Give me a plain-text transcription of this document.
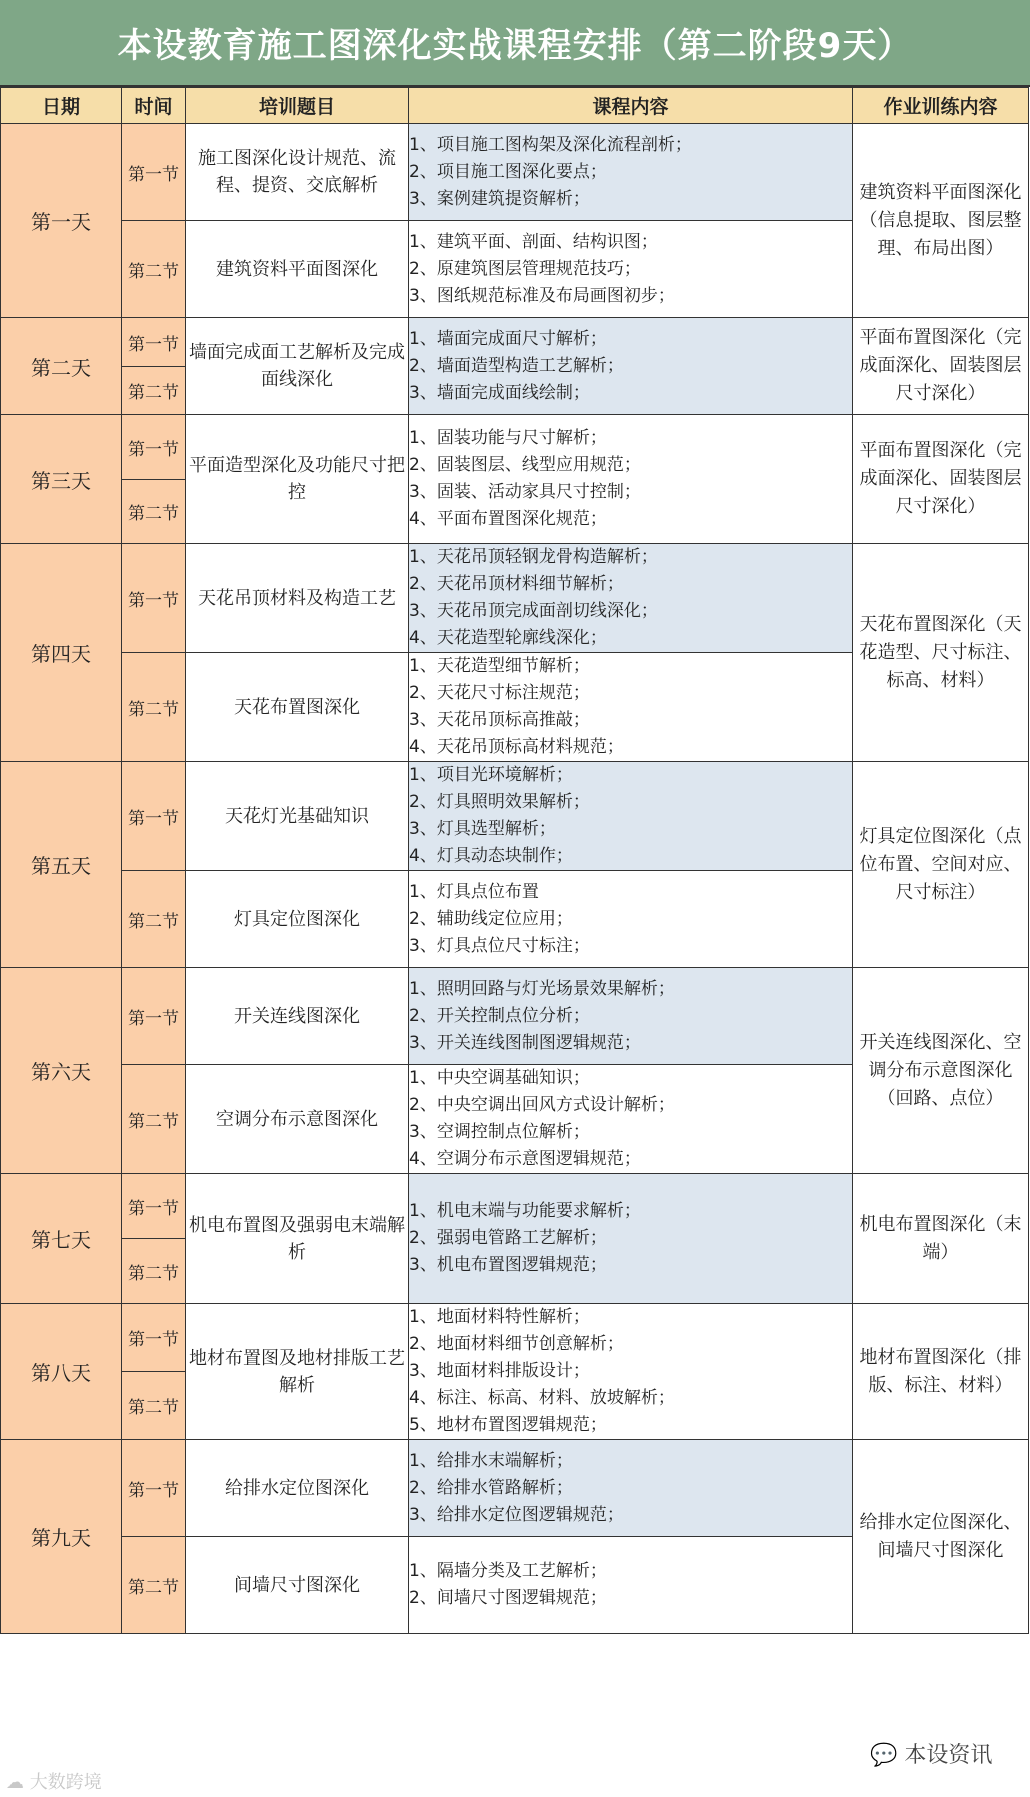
本设教育施工图深化实战课程安排（第二阶段9天）
日期	时间	培训题目	课程内容	作业训练内容
第一天	第一节	施工图深化设计规范、流程、提资、交底解析	1、项目施工图构架及深化流程剖析；
2、项目施工图深化要点；
3、案例建筑提资解析；	建筑资料平面图深化（信息提取、图层整理、布局出图）
	第二节	建筑资料平面图深化	1、建筑平面、剖面、结构识图；
2、原建筑图层管理规范技巧；
3、图纸规范标准及布局画图初步；	

第二天	第一节	墙面完成面工艺解析及完成面线深化	1、墙面完成面尺寸解析；
2、墙面造型构造工艺解析；
3、墙面完成面线绘制；	平面布置图深化（完成面深化、固装图层尺寸深化）
	第二节			
第三天	第一节	平面造型深化及功能尺寸把控	1、固装功能与尺寸解析；
2、固装图层、线型应用规范；
3、固装、活动家具尺寸控制；
4、平面布置图深化规范；	平面布置图深化（完成面深化、固装图层尺寸深化）
	第二节			
第四天	第一节	天花吊顶材料及构造工艺	1、天花吊顶轻钢龙骨构造解析；
2、天花吊顶材料细节解析；
3、天花吊顶完成面剖切线深化；
4、天花造型轮廓线深化；	天花布置图深化（天花造型、尺寸标注、标高、材料）
	第二节	天花布置图深化	1、天花造型细节解析；
2、天花尺寸标注规范；
3、天花吊顶标高推敲；
4、天花吊顶标高材料规范；	

第五天	第一节	天花灯光基础知识	1、项目光环境解析；
2、灯具照明效果解析；
3、灯具选型解析；
4、灯具动态块制作；	灯具定位图深化（点位布置、空间对应、尺寸标注）
	第二节	灯具定位图深化	1、灯具点位布置
2、辅助线定位应用；
3、灯具点位尺寸标注；	

第六天	第一节	开关连线图深化	1、照明回路与灯光场景效果解析；
2、开关控制点位分析；
3、开关连线图制图逻辑规范；	开关连线图深化、空调分布示意图深化（回路、点位）
	第二节	空调分布示意图深化	1、中央空调基础知识；
2、中央空调出回风方式设计解析；
3、空调控制点位解析；
4、空调分布示意图逻辑规范；	

第七天	第一节	机电布置图及强弱电末端解析	1、机电末端与功能要求解析；
2、强弱电管路工艺解析；
3、机电布置图逻辑规范；	机电布置图深化（末端）
	第二节			
第八天	第一节	地材布置图及地材排版工艺解析	1、地面材料特性解析；
2、地面材料细节创意解析；
3、地面材料排版设计；
4、标注、标高、材料、放坡解析；
5、地材布置图逻辑规范；	地材布置图深化（排版、标注、材料）
	第二节			
第九天	第一节	给排水定位图深化	1、给排水末端解析；
2、给排水管路解析；
3、给排水定位图逻辑规范；	给排水定位图深化、间墙尺寸图深化
	第二节	间墙尺寸图深化	1、隔墙分类及工艺解析；
2、间墙尺寸图逻辑规范；	
☁ 大数跨境
💬 本设资讯
